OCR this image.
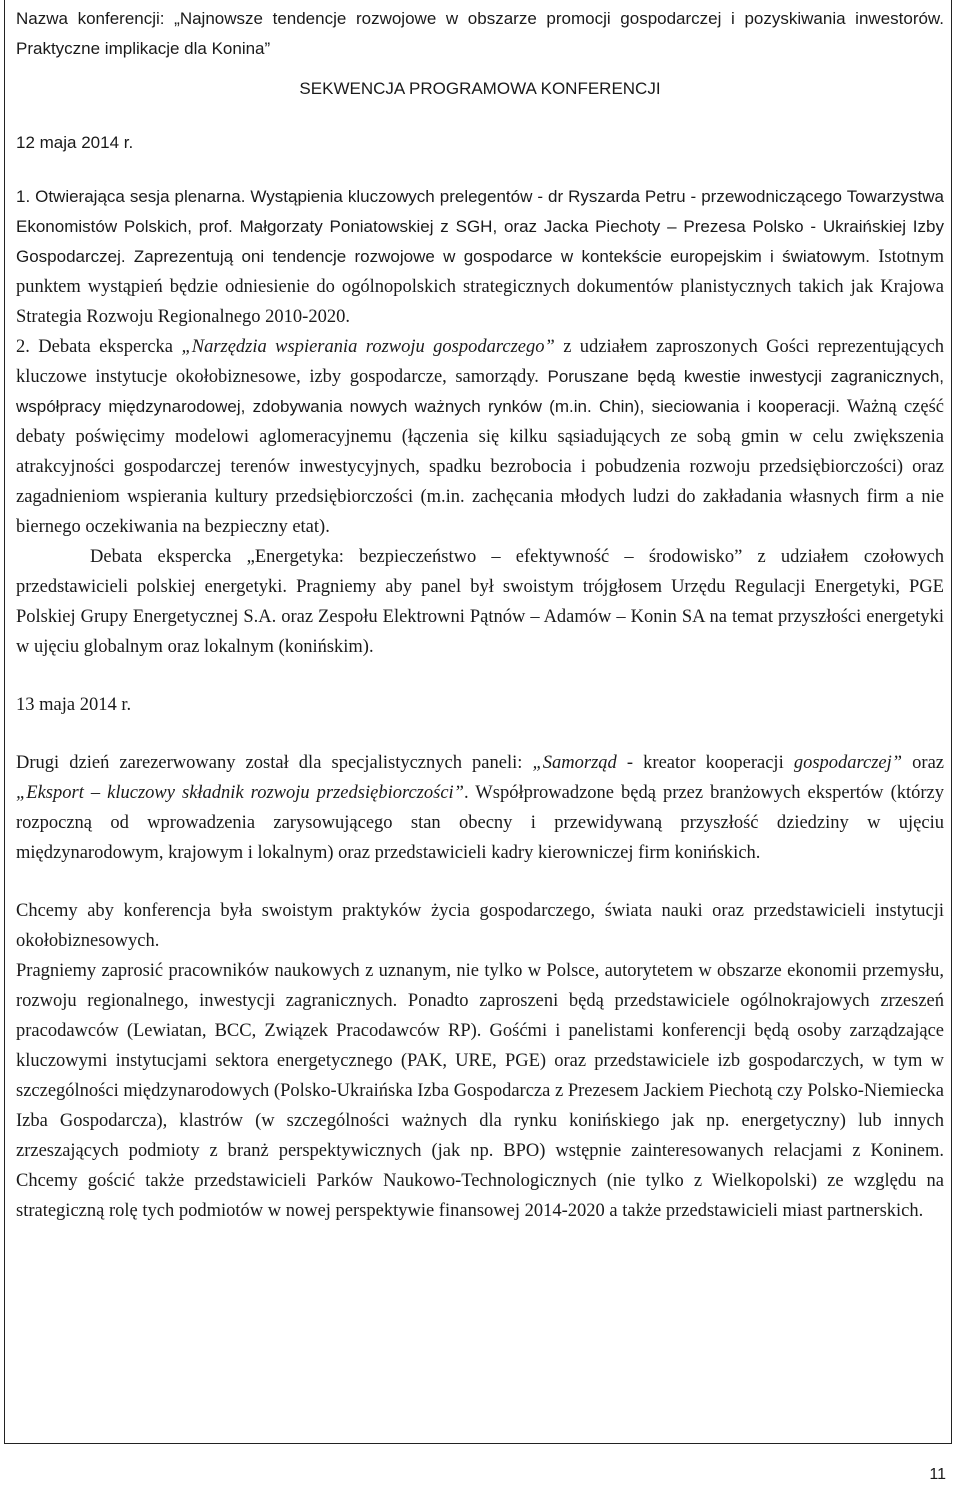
Nazwa konferencji: „Najnowsze tendencje rozwojowe w obszarze promocji gospodarczej i pozyskiwania inwestorów. Praktyczne implikacje dla Konina”

SEKWENCJA PROGRAMOWA KONFERENCJI

12 maja 2014 r.

1. Otwierająca sesja plenarna. Wystąpienia kluczowych prelegentów - dr Ryszarda Petru - przewodniczącego Towarzystwa Ekonomistów Polskich, prof. Małgorzaty Poniatowskiej z SGH, oraz Jacka Piechoty – Prezesa Polsko - Ukraińskiej Izby Gospodarczej. Zaprezentują oni tendencje rozwojowe w gospodarce w kontekście europejskim i światowym. Istotnym punktem wystąpień będzie odniesienie do ogólnopolskich strategicznych dokumentów planistycznych takich jak Krajowa Strategia Rozwoju Regionalnego 2010-2020.

2. Debata ekspercka „Narzędzia wspierania rozwoju gospodarczego” z udziałem zaproszonych Gości reprezentujących kluczowe instytucje okołobiznesowe, izby gospodarcze, samorządy. Poruszane będą kwestie inwestycji zagranicznych, współpracy międzynarodowej, zdobywania nowych ważnych rynków (m.in. Chin), sieciowania i kooperacji. Ważną część debaty poświęcimy modelowi aglomeracyjnemu (łączenia się kilku sąsiadujących ze sobą gmin w celu zwiększenia atrakcyjności gospodarczej terenów inwestycyjnych, spadku bezrobocia i pobudzenia rozwoju przedsiębiorczości) oraz zagadnieniom wspierania kultury przedsiębiorczości (m.in. zachęcania młodych ludzi do zakładania własnych firm a nie biernego oczekiwania na bezpieczny etat).

Debata ekspercka „Energetyka: bezpieczeństwo – efektywność – środowisko” z udziałem czołowych przedstawicieli polskiej energetyki. Pragniemy aby panel był swoistym trójgłosem Urzędu Regulacji Energetyki, PGE Polskiej Grupy Energetycznej S.A. oraz Zespołu Elektrowni Pątnów – Adamów – Konin SA na temat przyszłości energetyki w ujęciu globalnym oraz lokalnym (konińskim).

13 maja 2014 r.

Drugi dzień zarezerwowany został dla specjalistycznych paneli: „Samorząd - kreator kooperacji gospodarczej” oraz „Eksport – kluczowy składnik rozwoju przedsiębiorczości”. Współprowadzone będą przez branżowych ekspertów (którzy rozpoczną od wprowadzenia zarysowującego stan obecny i przewidywaną przyszłość dziedziny w ujęciu międzynarodowym, krajowym i lokalnym) oraz przedstawicieli kadry kierowniczej firm konińskich.

Chcemy aby konferencja była swoistym praktyków życia gospodarczego, świata nauki oraz przedstawicieli instytucji okołobiznesowych.

Pragniemy zaprosić pracowników naukowych z uznanym, nie tylko w Polsce, autorytetem w obszarze ekonomii przemysłu, rozwoju regionalnego, inwestycji zagranicznych. Ponadto zaproszeni będą przedstawiciele ogólnokrajowych zrzeszeń pracodawców (Lewiatan, BCC, Związek Pracodawców RP). Gośćmi i panelistami konferencji będą osoby zarządzające kluczowymi instytucjami sektora energetycznego (PAK, URE, PGE) oraz przedstawiciele izb gospodarczych, w tym w szczególności międzynarodowych (Polsko-Ukraińska Izba Gospodarcza z Prezesem Jackiem Piechotą czy Polsko-Niemiecka Izba Gospodarcza), klastrów (w szczególności ważnych dla rynku konińskiego jak np. energetyczny) lub innych zrzeszających podmioty z branż perspektywicznych (jak np. BPO) wstępnie zainteresowanych relacjami z Koninem. Chcemy gościć także przedstawicieli Parków Naukowo-Technologicznych (nie tylko z Wielkopolski) ze względu na strategiczną rolę tych podmiotów w nowej perspektywie finansowej 2014-2020 a także przedstawicieli miast partnerskich.

11
